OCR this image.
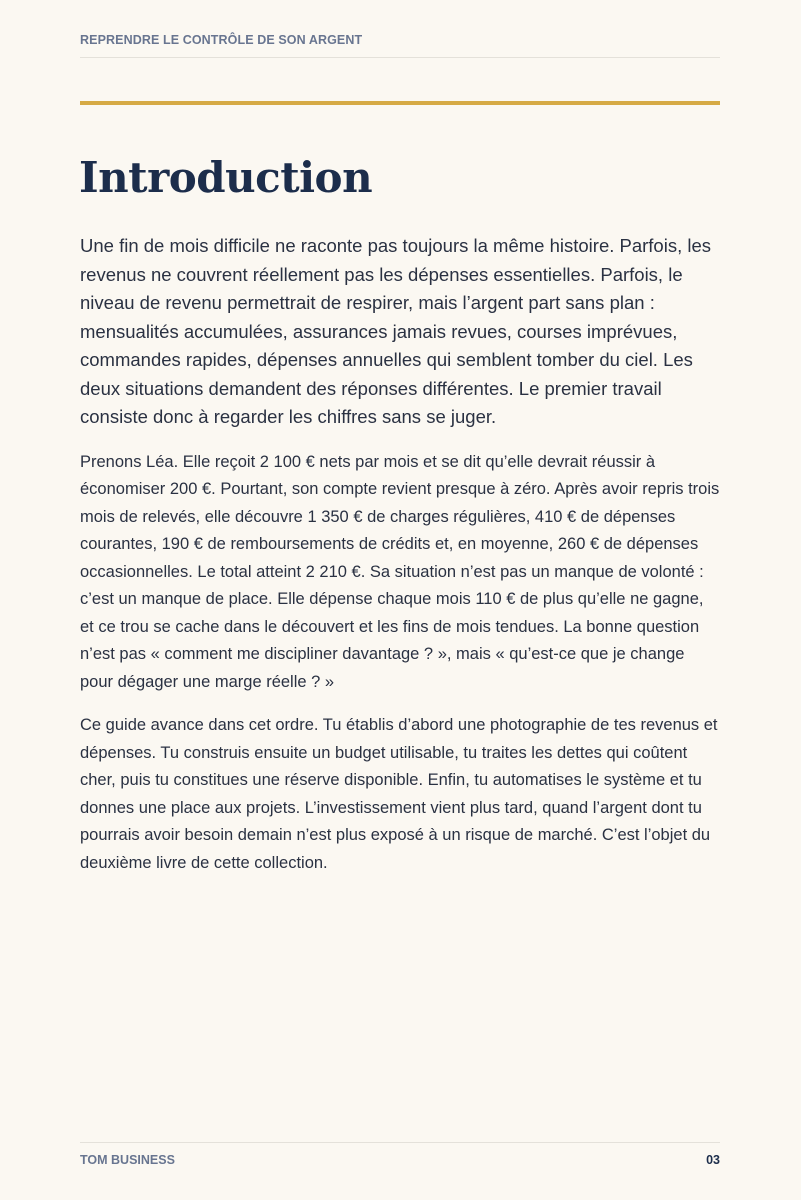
REPRENDRE LE CONTRÔLE DE SON ARGENT
Introduction

Une fin de mois difficile ne raconte pas toujours la même histoire. Parfois, les revenus ne couvrent réellement pas les dépenses essentielles. Parfois, le niveau de revenu permettrait de respirer, mais l’argent part sans plan : mensualités accumulées, assurances jamais revues, courses imprévues, commandes rapides, dépenses annuelles qui semblent tomber du ciel. Les deux situations demandent des réponses différentes. Le premier travail consiste donc à regarder les chiffres sans se juger.

Prenons Léa. Elle reçoit 2 100 € nets par mois et se dit qu’elle devrait réussir à économiser 200 €. Pourtant, son compte revient presque à zéro. Après avoir repris trois mois de relevés, elle découvre 1 350 € de charges régulières, 410 € de dépenses courantes, 190 € de remboursements de crédits et, en moyenne, 260 € de dépenses occasionnelles. Le total atteint 2 210 €. Sa situation n’est pas un manque de volonté : c’est un manque de place. Elle dépense chaque mois 110 € de plus qu’elle ne gagne, et ce trou se cache dans le découvert et les fins de mois tendues. La bonne question n’est pas « comment me discipliner davantage ? », mais « qu’est-ce que je change pour dégager une marge réelle ? »

Ce guide avance dans cet ordre. Tu établis d’abord une photographie de tes revenus et dépenses. Tu construis ensuite un budget utilisable, tu traites les dettes qui coûtent cher, puis tu constitues une réserve disponible. Enfin, tu automatises le système et tu donnes une place aux projets. L’investissement vient plus tard, quand l’argent dont tu pourrais avoir besoin demain n’est plus exposé à un risque de marché. C’est l’objet du deuxième livre de cette collection.

TOM BUSINESS	03
